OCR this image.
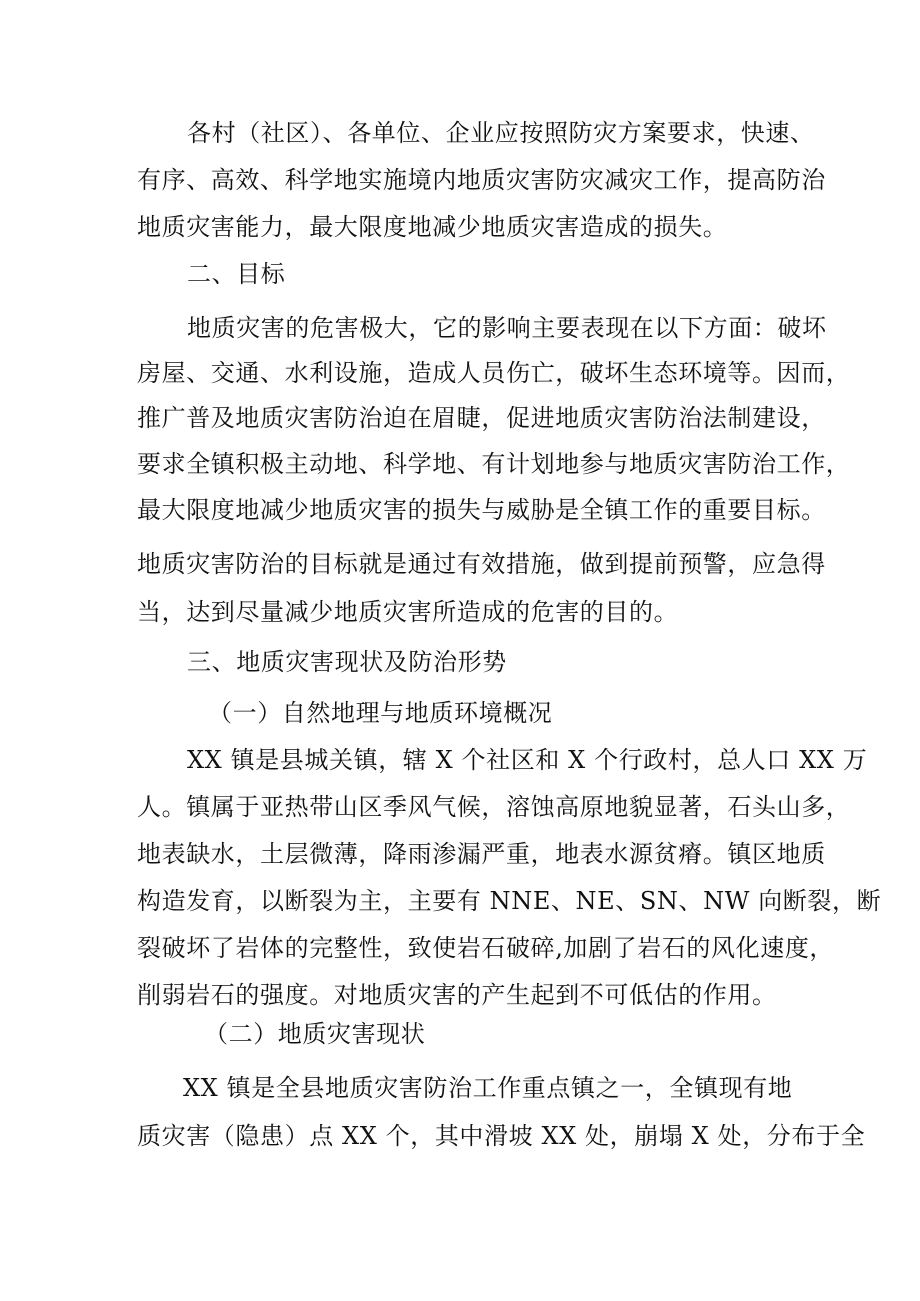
各村（社区）、各单位、企业应按照防灾方案要求，快速、
有序、高效、科学地实施境内地质灾害防灾减灾工作，提高防治
地质灾害能力，最大限度地减少地质灾害造成的损失。
二、目标
地质灾害的危害极大，它的影响主要表现在以下方面：破坏
房屋、交通、水利设施，造成人员伤亡，破坏生态环境等。因而，
推广普及地质灾害防治迫在眉睫，促进地质灾害防治法制建设，
要求全镇积极主动地、科学地、有计划地参与地质灾害防治工作，
最大限度地减少地质灾害的损失与威胁是全镇工作的重要目标。
地质灾害防治的目标就是通过有效措施，做到提前预警，应急得
当，达到尽量减少地质灾害所造成的危害的目的。
三、地质灾害现状及防治形势
（一）自然地理与地质环境概况
XX 镇是县城关镇，辖 X 个社区和 X 个行政村，总人口 XX 万
人。镇属于亚热带山区季风气候，溶蚀高原地貌显著，石头山多，
地表缺水，土层微薄，降雨渗漏严重，地表水源贫瘠。镇区地质
构造发育，以断裂为主，主要有 NNE、NE、SN、NW 向断裂，断
裂破坏了岩体的完整性，致使岩石破碎,加剧了岩石的风化速度，
削弱岩石的强度。对地质灾害的产生起到不可低估的作用。
（二）地质灾害现状
XX 镇是全县地质灾害防治工作重点镇之一，全镇现有地
质灾害（隐患）点 XX 个，其中滑坡 XX 处，崩塌 X 处，分布于全
